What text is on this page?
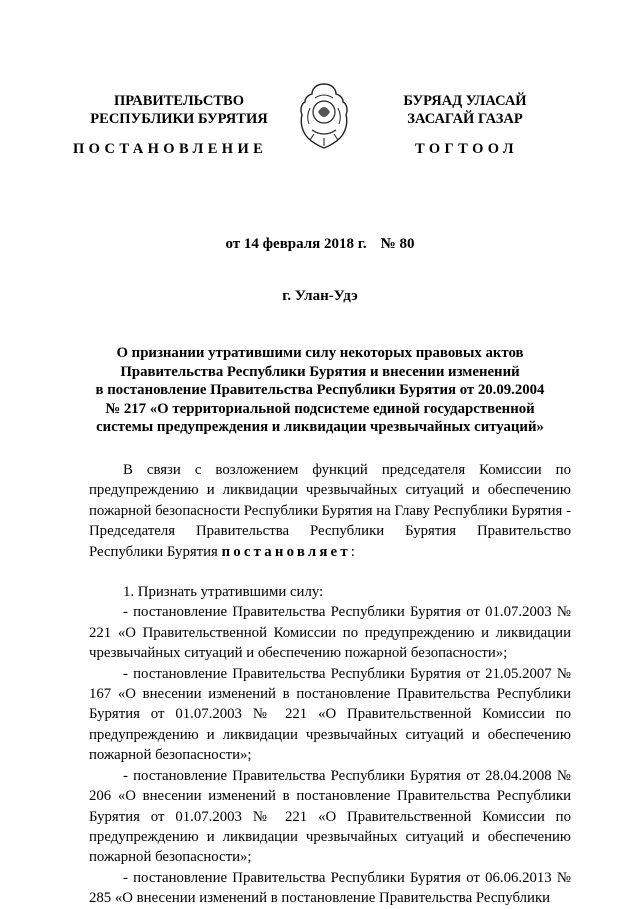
ПРАВИТЕЛЬСТВО
РЕСПУБЛИКИ БУРЯТИЯ
ПОСТАНОВЛЕНИЕ
БУРЯАД УЛАСАЙ
ЗАСАГАЙ ГАЗАР
ТОГТООЛ
от 14 февраля 2018 г. № 80
г. Улан-Удэ
О признании утратившими силу некоторых правовых актов
Правительства Республики Бурятия и внесении изменений
в постановление Правительства Республики Бурятия от 20.09.2004
№ 217 «О территориальной подсистеме единой государственной
системы предупреждения и ликвидации чрезвычайных ситуаций»

В связи с возложением функций председателя Комиссии по предупреждению и ликвидации чрезвычайных ситуаций и обеспечению пожарной безопасности Республики Бурятия на Главу Республики Бурятия - Председателя Правительства Республики Бурятия Правительство Республики Бурятия постановляет:

1. Признать утратившими силу:

- постановление Правительства Республики Бурятия от 01.07.2003 № 221 «О Правительственной Комиссии по предупреждению и ликвидации чрезвычайных ситуаций и обеспечению пожарной безопасности»;

- постановление Правительства Республики Бурятия от 21.05.2007 № 167 «О внесении изменений в постановление Правительства Республики Бурятия от 01.07.2003 № 221 «О Правительственной Комиссии по предупреждению и ликвидации чрезвычайных ситуаций и обеспечению пожарной безопасности»;

- постановление Правительства Республики Бурятия от 28.04.2008 № 206 «О внесении изменений в постановление Правительства Республики Бурятия от 01.07.2003 № 221 «О Правительственной Комиссии по предупреждению и ликвидации чрезвычайных ситуаций и обеспечению пожарной безопасности»;

- постановление Правительства Республики Бурятия от 06.06.2013 № 285 «О внесении изменений в постановление Правительства Республики
